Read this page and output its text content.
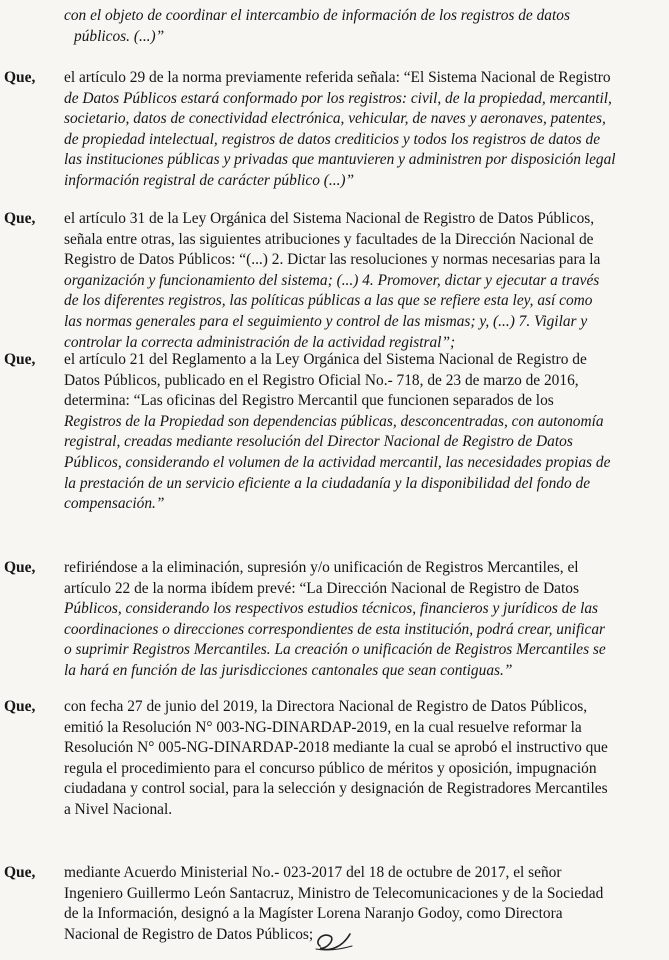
con el objeto de coordinar el intercambio de información de los registros de datos
públicos. (...)”
Que, el artículo 29 de la norma previamente referida señala: “El Sistema Nacional de Registro
de Datos Públicos estará conformado por los registros: civil, de la propiedad, mercantil,
societario, datos de conectividad electrónica, vehicular, de naves y aeronaves, patentes,
de propiedad intelectual, registros de datos crediticios y todos los registros de datos de
las instituciones públicas y privadas que mantuvieren y administren por disposición legal
información registral de carácter público (...)”
Que, el artículo 31 de la Ley Orgánica del Sistema Nacional de Registro de Datos Públicos,
señala entre otras, las siguientes atribuciones y facultades de la Dirección Nacional de
Registro de Datos Públicos: “(...) 2. Dictar las resoluciones y normas necesarias para la
organización y funcionamiento del sistema; (...) 4. Promover, dictar y ejecutar a través
de los diferentes registros, las políticas públicas a las que se refiere esta ley, así como
las normas generales para el seguimiento y control de las mismas; y, (...) 7. Vigilar y
controlar la correcta administración de la actividad registral”;
Que, el artículo 21 del Reglamento a la Ley Orgánica del Sistema Nacional de Registro de
Datos Públicos, publicado en el Registro Oficial No.- 718, de 23 de marzo de 2016,
determina: “Las oficinas del Registro Mercantil que funcionen separados de los
Registros de la Propiedad son dependencias públicas, desconcentradas, con autonomía
registral, creadas mediante resolución del Director Nacional de Registro de Datos
Públicos, considerando el volumen de la actividad mercantil, las necesidades propias de
la prestación de un servicio eficiente a la ciudadanía y la disponibilidad del fondo de
compensación.”
Que, refiriéndose a la eliminación, supresión y/o unificación de Registros Mercantiles, el
artículo 22 de la norma ibídem prevé: “La Dirección Nacional de Registro de Datos
Públicos, considerando los respectivos estudios técnicos, financieros y jurídicos de las
coordinaciones o direcciones correspondientes de esta institución, podrá crear, unificar
o suprimir Registros Mercantiles. La creación o unificación de Registros Mercantiles se
la hará en función de las jurisdicciones cantonales que sean contiguas.”
Que, con fecha 27 de junio del 2019, la Directora Nacional de Registro de Datos Públicos,
emitió la Resolución N° 003-NG-DINARDAP-2019, en la cual resuelve reformar la
Resolución N° 005-NG-DINARDAP-2018 mediante la cual se aprobó el instructivo que
regula el procedimiento para el concurso público de méritos y oposición, impugnación
ciudadana y control social, para la selección y designación de Registradores Mercantiles
a Nivel Nacional.
Que, mediante Acuerdo Ministerial No.- 023-2017 del 18 de octubre de 2017, el señor
Ingeniero Guillermo León Santacruz, Ministro de Telecomunicaciones y de la Sociedad
de la Información, designó a la Magíster Lorena Naranjo Godoy, como Directora
Nacional de Registro de Datos Públicos;
